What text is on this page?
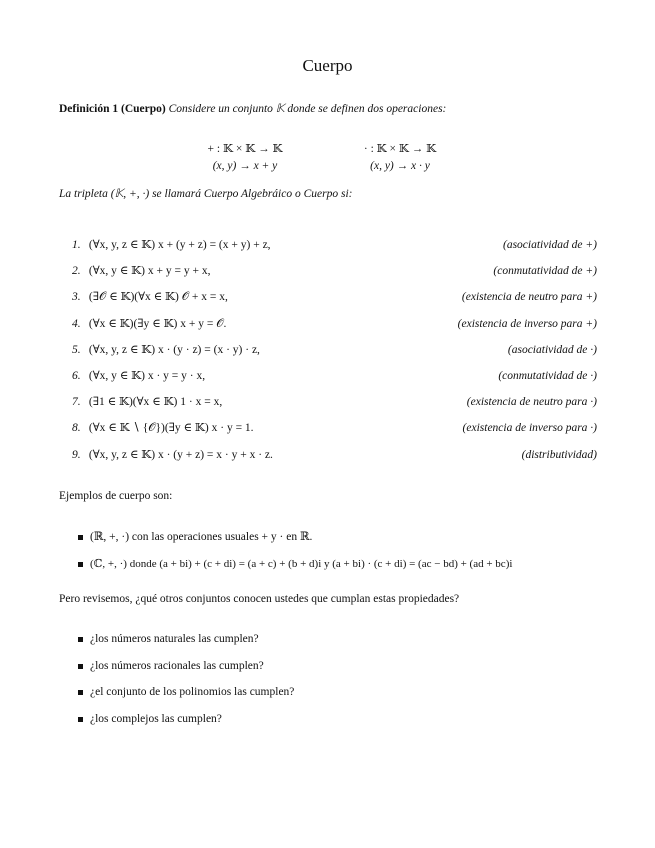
Cuerpo
Definición 1 (Cuerpo) Considere un conjunto 𝕂 donde se definen dos operaciones:
+ : 𝕂 × 𝕂 → 𝕂
(x, y) → x + y
· : 𝕂 × 𝕂 → 𝕂
(x, y) → x · y
La tripleta (𝕂, +, ·) se llamará Cuerpo Algebráico o Cuerpo si:
1. (∀x, y, z ∈ 𝕂) x + (y + z) = (x + y) + z,	(asociatividad de +)
2. (∀x, y ∈ 𝕂) x + y = y + x,	(conmutatividad de +)
3. (∃𝒪 ∈ 𝕂)(∀x ∈ 𝕂) 𝒪 + x = x,	(existencia de neutro para +)
4. (∀x ∈ 𝕂)(∃y ∈ 𝕂) x + y = 𝒪.	(existencia de inverso para +)
5. (∀x, y, z ∈ 𝕂) x · (y · z) = (x · y) · z,	(asociatividad de ·)
6. (∀x, y ∈ 𝕂) x · y = y · x,	(conmutatividad de ·)
7. (∃1 ∈ 𝕂)(∀x ∈ 𝕂) 1 · x = x,	(existencia de neutro para ·)
8. (∀x ∈ 𝕂 ∖ {𝒪})(∃y ∈ 𝕂) x · y = 1.	(existencia de inverso para ·)
9. (∀x, y, z ∈ 𝕂) x · (y + z) = x · y + x · z.	(distributividad)
Ejemplos de cuerpo son:
(ℝ, +, ·) con las operaciones usuales + y · en ℝ.
(ℂ, +, ·) donde (a + bi) + (c + di) = (a + c) + (b + d)i y (a + bi) · (c + di) = (ac − bd) + (ad + bc)i
Pero revisemos, ¿qué otros conjuntos conocen ustedes que cumplan estas propiedades?
¿los números naturales las cumplen?
¿los números racionales las cumplen?
¿el conjunto de los polinomios las cumplen?
¿los complejos las cumplen?
